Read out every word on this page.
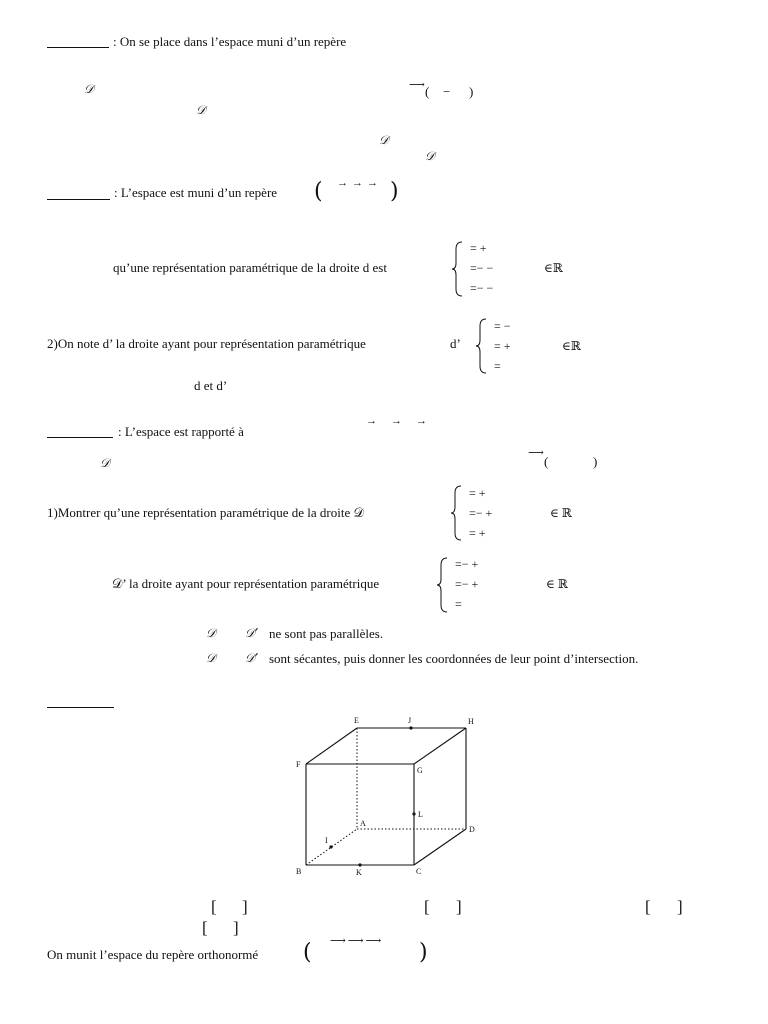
: On se place dans l’espace muni d’un repère
𝒟	⟶ ( − )
𝒟
𝒟
𝒟
: L’espace est muni d’un repère ( →→→ )
qu’une représentation paramétrique de la droite d est
= +
=− −
=− −
∈ℝ
2)On note d’ la droite ayant pour représentation paramétrique	d’
= −
= +
=
∈ℝ
d et d’
: L’espace est rapporté à
→→→
𝒟
⟶
(	)
1)Montrer qu’une représentation paramétrique de la droite 𝒟
= +
=− +
= +
∈ ℝ
𝒟’ la droite ayant pour représentation paramétrique
=− +
=− +
=
∈ ℝ
𝒟 𝒟’ ne sont pas parallèles.
𝒟 𝒟’ sont sécantes, puis donner les coordonnées de leur point d’intersection.
E	J	H
F
G
L
A
D
I
B	K	C
[ ]	[ ]	[ ]
[ ]
On munit l’espace du repère orthonormé ( ⟶⟶⟶ )
